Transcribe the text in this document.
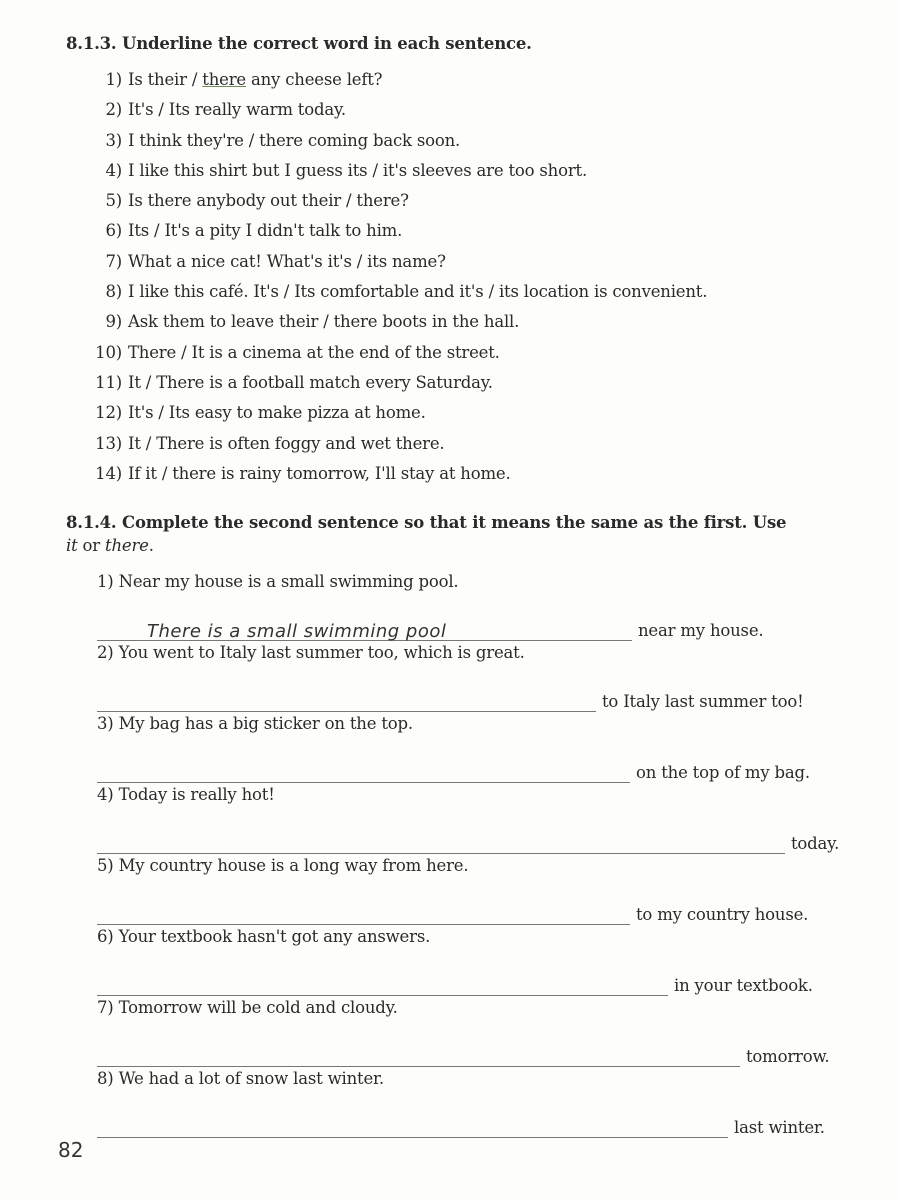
8.1.3. Underline the correct word in each sentence.
1) Is their / there any cheese left?
2) It's / Its really warm today.
3) I think they're / there coming back soon.
4) I like this shirt but I guess its / it's sleeves are too short.
5) Is there anybody out their / there?
6) Its / It's a pity I didn't talk to him.
7) What a nice cat! What's it's / its name?
8) I like this café. It's / Its comfortable and it's / its location is convenient.
9) Ask them to leave their / there boots in the hall.
10) There / It is a cinema at the end of the street.
11) It / There is a football match every Saturday.
12) It's / Its easy to make pizza at home.
13) It / There is often foggy and wet there.
14) If it / there is rainy tomorrow, I'll stay at home.
8.1.4. Complete the second sentence so that it means the same as the first. Use
it or there.
1) Near my house is a small swimming pool.
There is a small swimming pool	near my house.
2) You went to Italy last summer too, which is great.
to Italy last summer too!
3) My bag has a big sticker on the top.
on the top of my bag.
4) Today is really hot!
today.
5) My country house is a long way from here.
to my country house.
6) Your textbook hasn't got any answers.
in your textbook.
7) Tomorrow will be cold and cloudy.
tomorrow.
8) We had a lot of snow last winter.
last winter.
82
